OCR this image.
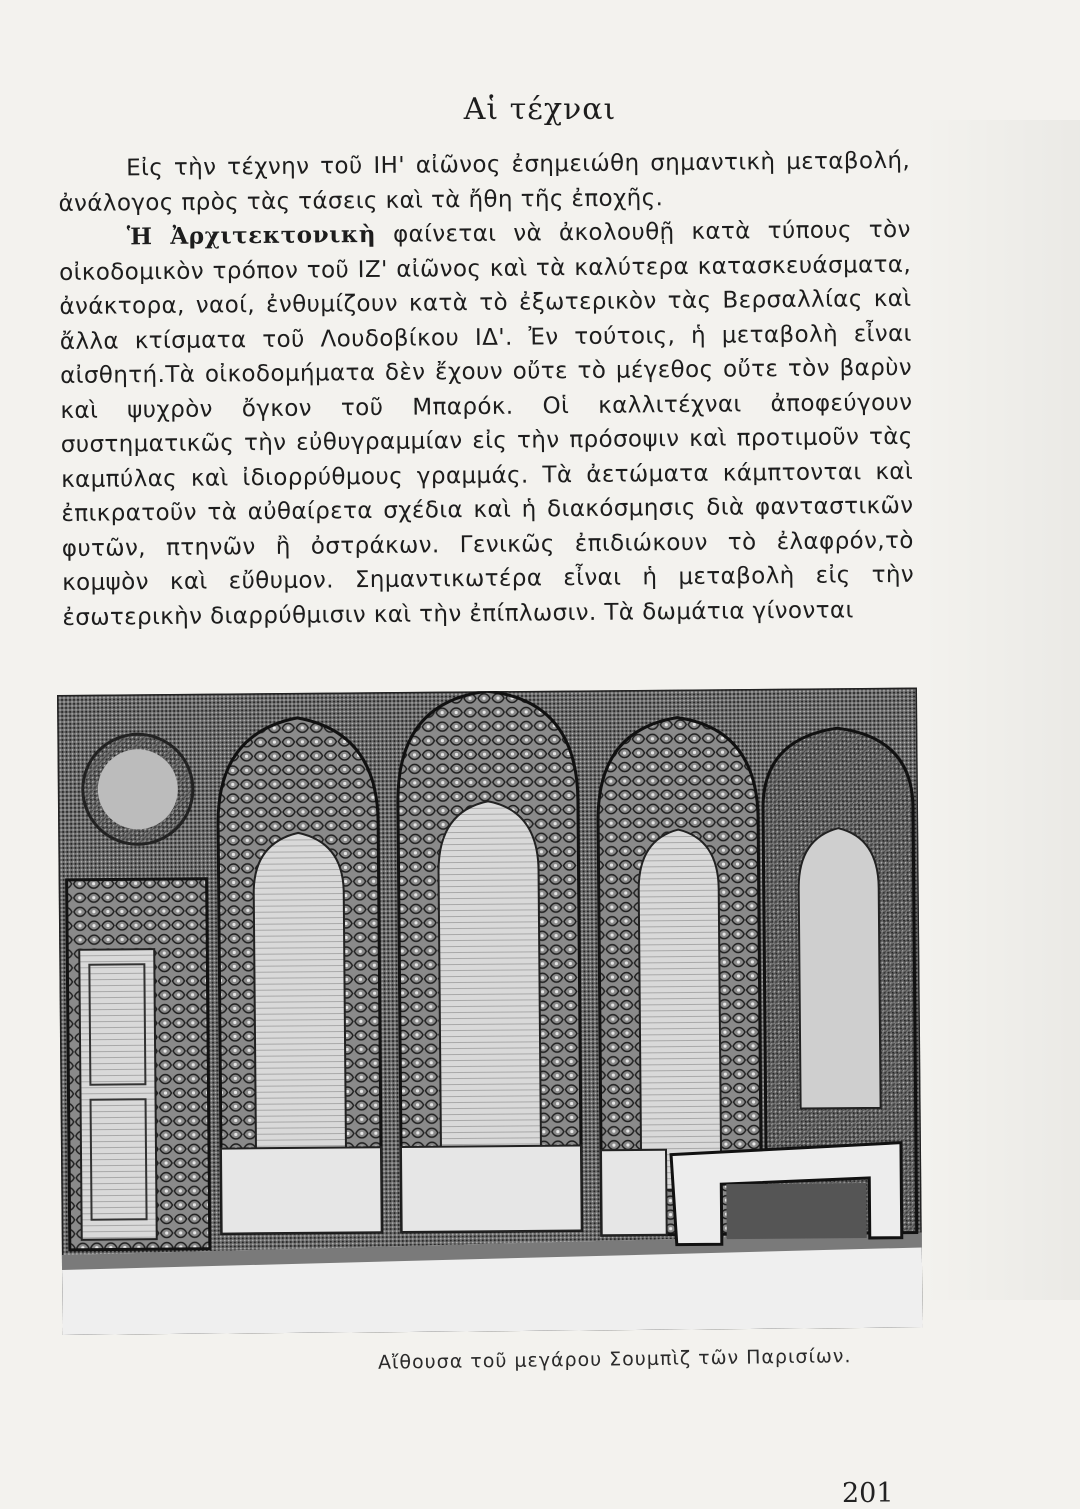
Αἱ τέχναι

Εἰς τὴν τέχνην τοῦ ΙΗ' αἰῶνος ἐσημειώθη σημαντικὴ μεταβολή, ἀνάλογος πρὸς τὰς τάσεις καὶ τὰ ἤθη τῆς ἐποχῆς.

Ἡ Ἀρχιτεκτονικὴ φαίνεται νὰ ἀκολουθῇ κατὰ τύπους τὸν οἰκοδομικὸν τρόπον τοῦ ΙΖ' αἰῶνος καὶ τὰ καλύτερα κατασκευάσματα, ἀνάκτορα, ναοί, ἐνθυμίζουν κατὰ τὸ ἐξωτερικὸν τὰς Βερσαλλίας καὶ ἄλλα κτίσματα τοῦ Λουδοβίκου ΙΔ'. Ἐν τούτοις, ἡ μεταβολὴ εἶναι αἰσθητή.Τὰ οἰκοδομήματα δὲν ἔχουν οὔτε τὸ μέγεθος οὔτε τὸν βαρὺν καὶ ψυχρὸν ὄγκον τοῦ Μπαρόκ. Οἱ καλλιτέχναι ἀποφεύγουν συστηματικῶς τὴν εὐθυγραμμίαν εἰς τὴν πρόσοψιν καὶ προτιμοῦν τὰς καμπύλας καὶ ἰδιορρύθμους γραμμάς. Τὰ ἀετώματα κάμπτονται καὶ ἐπικρατοῦν τὰ αὐθαίρετα σχέδια καὶ ἡ διακόσμησις διὰ φανταστικῶν φυτῶν, πτηνῶν ἢ ὀστράκων. Γενικῶς ἐπιδιώκουν τὸ ἐλαφρόν,τὸ κομψὸν καὶ εὔθυμον. Σημαντικωτέρα εἶναι ἡ μεταβολὴ εἰς τὴν ἐσωτερικὴν διαρρύθμισιν καὶ τὴν ἐπίπλωσιν. Τὰ δωμάτια γίνονται

Αἴθουσα τοῦ μεγάρου Σουμπὶζ τῶν Παρισίων.
201
